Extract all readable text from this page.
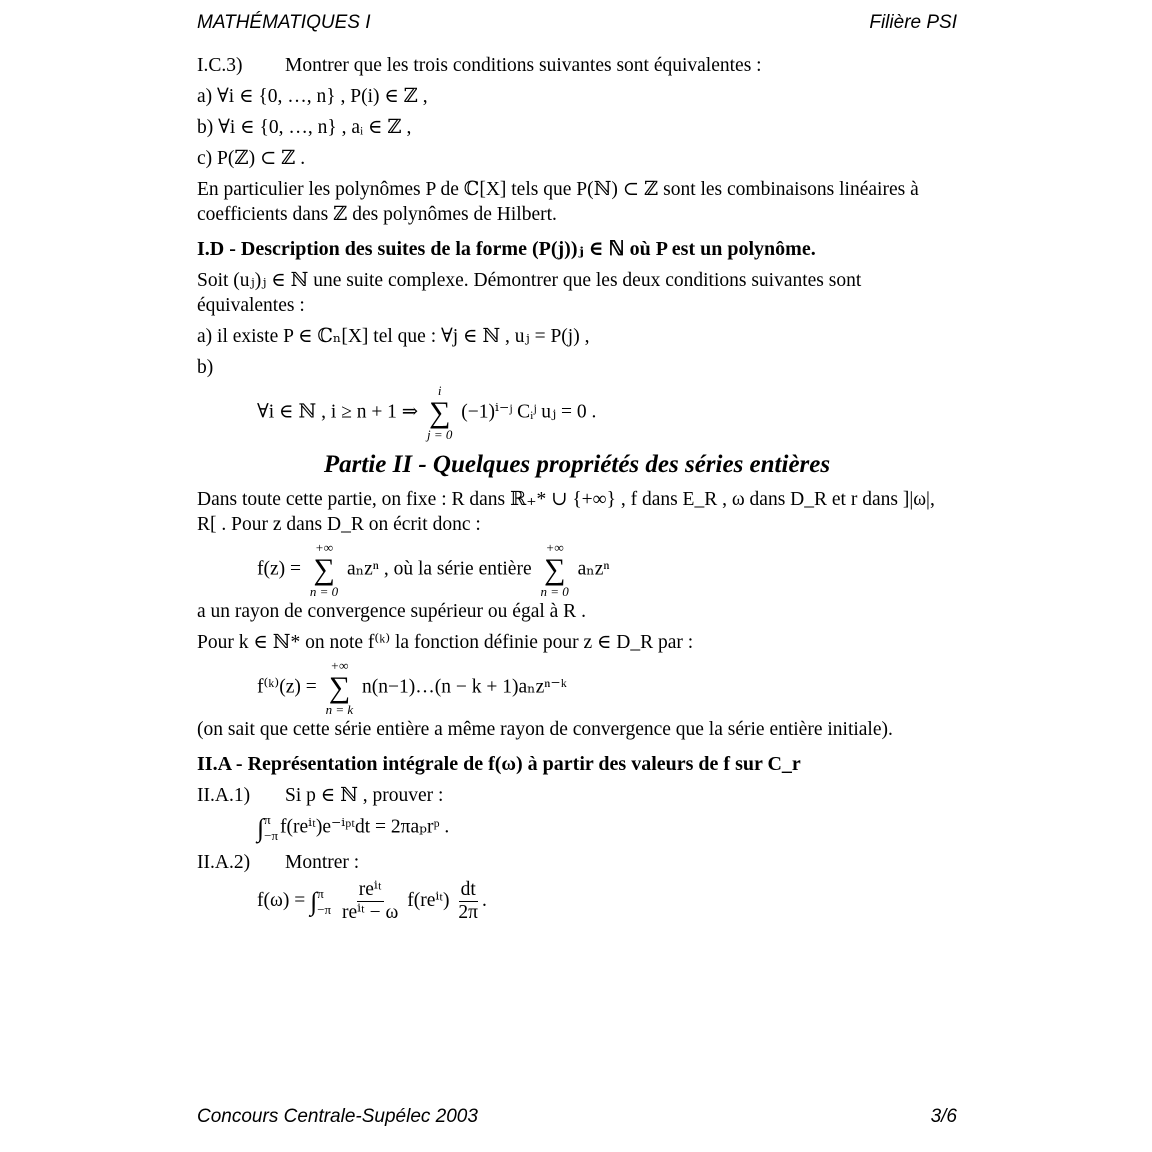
MATHÉMATIQUES I	Filière PSI

I.C.3) Montrer que les trois conditions suivantes sont équivalentes :

a) ∀i ∈ {0, …, n} , P(i) ∈ ℤ ,

b) ∀i ∈ {0, …, n} , aᵢ ∈ ℤ ,

c) P(ℤ) ⊂ ℤ .

En particulier les polynômes P de ℂ[X] tels que P(ℕ) ⊂ ℤ sont les combinaisons linéaires à coefficients dans ℤ des polynômes de Hilbert.

I.D - Description des suites de la forme (P(j))ⱼ ∈ ℕ où P est un polynôme.

Soit (uⱼ)ⱼ ∈ ℕ une suite complexe. Démontrer que les deux conditions suivantes sont équivalentes :

a) il existe P ∈ ℂₙ[X] tel que : ∀j ∈ ℕ , uⱼ = P(j) ,

b)

∀i ∈ ℕ , i ≥ n + 1 ⇒
i
∑
j = 0
(−1)ⁱ⁻ʲ Cᵢʲ uⱼ = 0 .

Partie II - Quelques propriétés des séries entières

Dans toute cette partie, on fixe : R dans ℝ₊* ∪ {+∞} , f dans E_R , ω dans D_R et r dans ]|ω|, R[ . Pour z dans D_R on écrit donc :

f(z) =
+∞
∑
n = 0
aₙzⁿ , où la série entière
+∞
∑
n = 0
aₙzⁿ

a un rayon de convergence supérieur ou égal à R .

Pour k ∈ ℕ* on note f⁽ᵏ⁾ la fonction définie pour z ∈ D_R par :

f⁽ᵏ⁾(z) =
+∞
∑
n = k
n(n−1)…(n − k + 1)aₙzⁿ⁻ᵏ

(on sait que cette série entière a même rayon de convergence que la série entière initiale).

II.A - Représentation intégrale de f(ω) à partir des valeurs de f sur C_r

II.A.1) Si p ∈ ℕ , prouver :

∫ π
−π f(reⁱᵗ)e⁻ⁱᵖᵗdt = 2πaₚrᵖ .

II.A.2) Montrer :

f(ω) = ∫ π
−π
$\frac{\text{reⁱᵗ}}{\text{reⁱᵗ − ω}}$ f(reⁱᵗ) $\frac{dt}{2\pi}$ .

Concours Centrale-Supélec 2003	3/6
